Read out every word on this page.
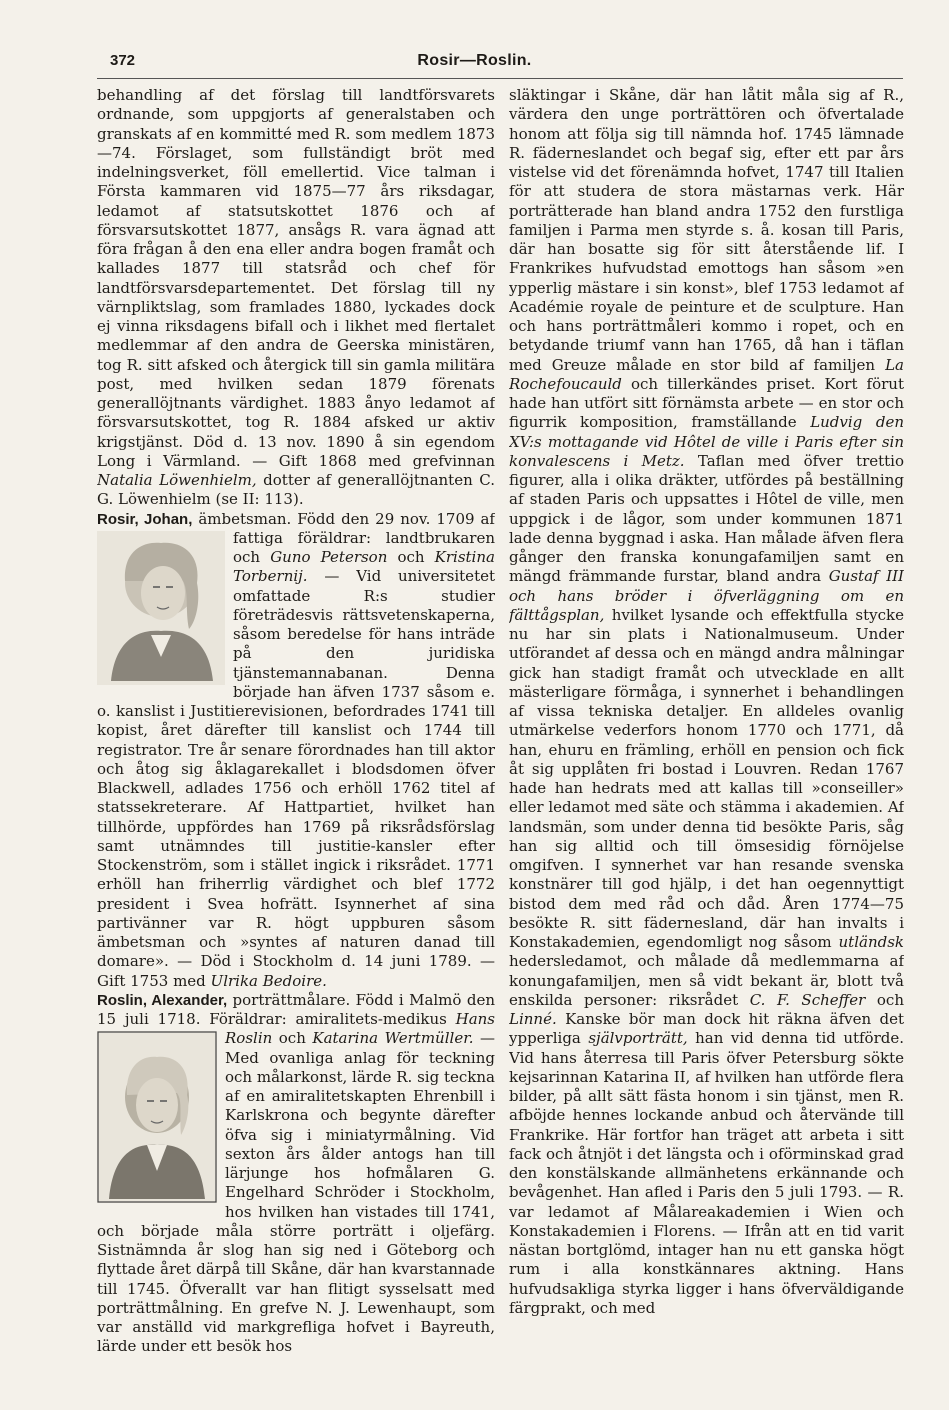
372	Rosir—Roslin.

behandling af det förslag till landtförsvarets ordnande, som uppgjorts af generalstaben och granskats af en kommitté med R. som medlem 1873—74. Förslaget, som fullständigt bröt med indelningsverket, föll emellertid. Vice talman i Första kammaren vid 1875—77 års riksdagar, ledamot af statsutskottet 1876 och af försvarsutskottet 1877, ansågs R. vara ägnad att föra frågan å den ena eller andra bogen framåt och kallades 1877 till statsråd och chef för landtförsvarsdepartementet. Det förslag till ny värnpliktslag, som framlades 1880, lyckades dock ej vinna riksdagens bifall och i likhet med flertalet medlemmar af den andra de Geerska ministären, tog R. sitt afsked och återgick till sin gamla militära post, med hvilken sedan 1879 förenats generallöjtnants värdighet. 1883 ånyo ledamot af försvarsutskottet, tog R. 1884 afsked ur aktiv krigstjänst. Död d. 13 nov. 1890 å sin egendom Long i Värmland. — Gift 1868 med grefvinnan Natalia Löwenhielm, dotter af generallöjtnanten C. G. Löwenhielm (se II: 113).

Rosir, Johan, ämbetsman. Född den 29 nov. 1709 af fattiga föräldrar: landtbrukaren
och Guno Peterson och Kristina Torbernij. — Vid universitetet omfattade R:s studier företrädesvis rättsvetenskaperna, såsom beredelse för hans inträde på den juridiska tjänstemannabanan. Denna började han äfven 1737 såsom e. o. kanslist i Justitierevisionen, befordrades 1741 till kopist, året därefter till kanslist och 1744 till registrator. Tre år senare förordnades han till aktor och åtog sig åklagarekallet i blodsdomen öfver Blackwell, adlades 1756 och erhöll 1762 titel af statssekreterare. Af Hattpartiet, hvilket han tillhörde, uppfördes han 1769 på riksrådsförslag samt utnämndes till justitie-kansler efter Stockenström, som i stället ingick i riksrådet. 1771 erhöll han friherrlig värdighet och blef 1772 president i Svea hofrätt. Isynnerhet af sina partivänner var R. högt uppburen såsom ämbetsman och »syntes af naturen danad till domare». — Död i Stockholm d. 14 juni 1789. — Gift 1753 med Ulrika Bedoire.

Roslin, Alexander, porträttmålare. Född i Malmö den 15 juli 1718. Föräldrar: amiralitets-medikus
Hans Roslin och Katarina Wertmüller. — Med ovanliga anlag för teckning och målarkonst, lärde R. sig teckna af en amiralitetskapten Ehrenbill i Karlskrona och begynte därefter öfva sig i miniatyrmålning. Vid sexton års ålder antogs han till lärjunge hos hofmålaren G. Engelhard Schröder i Stockholm, hos hvilken han vistades till 1741, och började måla större porträtt i oljefärg. Sistnämnda år slog han sig ned i Göteborg och flyttade året därpå till Skåne, där han kvarstannade till 1745. Öfverallt var han flitigt sysselsatt med porträttmålning. En grefve N. J. Lewenhaupt, som var anställd vid markgrefliga hofvet i Bayreuth, lärde under ett besök hos

släktingar i Skåne, där han låtit måla sig af R., värdera den unge porträttören och öfvertalade honom att följa sig till nämnda hof. 1745 lämnade R. fäderneslandet och begaf sig, efter ett par års vistelse vid det förenämnda hofvet, 1747 till Italien för att studera de stora mästarnas verk. Här porträtterade han bland andra 1752 den furstliga familjen i Parma men styrde s. å. kosan till Paris, där han bosatte sig för sitt återstående lif. I Frankrikes hufvudstad emottogs han såsom »en ypperlig mästare i sin konst», blef 1753 ledamot af Académie royale de peinture et de sculpture. Han och hans porträttmåleri kommo i ropet, och en betydande triumf vann han 1765, då han i täflan med Greuze målade en stor bild af familjen La Rochefoucauld och tillerkändes priset. Kort förut hade han utfört sitt förnämsta arbete — en stor och figurrik komposition, framställande Ludvig den XV:s mottagande vid Hôtel de ville i Paris efter sin konvalescens i Metz. Taflan med öfver trettio figurer, alla i olika dräkter, utfördes på beställning af staden Paris och uppsattes i Hôtel de ville, men uppgick i de lågor, som under kommunen 1871 lade denna byggnad i aska. Han målade äfven flera gånger den franska konungafamiljen samt en mängd främmande furstar, bland andra Gustaf III och hans bröder i öfverläggning om en fälttågsplan, hvilket lysande och effektfulla stycke nu har sin plats i Nationalmuseum. Under utförandet af dessa och en mängd andra målningar gick han stadigt framåt och utvecklade en allt mästerligare förmåga, i synnerhet i behandlingen af vissa tekniska detaljer. En alldeles ovanlig utmärkelse vederfors honom 1770 och 1771, då han, ehuru en främling, erhöll en pension och fick åt sig upplåten fri bostad i Louvren. Redan 1767 hade han hedrats med att kallas till »conseiller» eller ledamot med säte och stämma i akademien. Af landsmän, som under denna tid besökte Paris, såg han sig alltid och till ömsesidig förnöjelse omgifven. I synnerhet var han resande svenska konstnärer till god hjälp, i det han oegennyttigt bistod dem med råd och dåd. Åren 1774—75 besökte R. sitt fädernesland, där han invalts i Konstakademien, egendomligt nog såsom utländsk hedersledamot, och målade då medlemmarna af konungafamiljen, men så vidt bekant är, blott två enskilda personer: riksrådet C. F. Scheffer och Linné. Kanske bör man dock hit räkna äfven det ypperliga självporträtt, han vid denna tid utförde. Vid hans återresa till Paris öfver Petersburg sökte kejsarinnan Katarina II, af hvilken han utförde flera bilder, på allt sätt fästa honom i sin tjänst, men R. afböjde hennes lockande anbud och återvände till Frankrike. Här fortfor han träget att arbeta i sitt fack och åtnjöt i det längsta och i oförminskad grad den konstälskande allmänhetens erkännande och bevågenhet. Han afled i Paris den 5 juli 1793. — R. var ledamot af Målareakademien i Wien och Konstakademien i Florens. — Ifrån att en tid varit nästan bortglömd, intager han nu ett ganska högt rum i alla konstkännares aktning. Hans hufvudsakliga styrka ligger i hans öfverväldigande färgprakt, och med
